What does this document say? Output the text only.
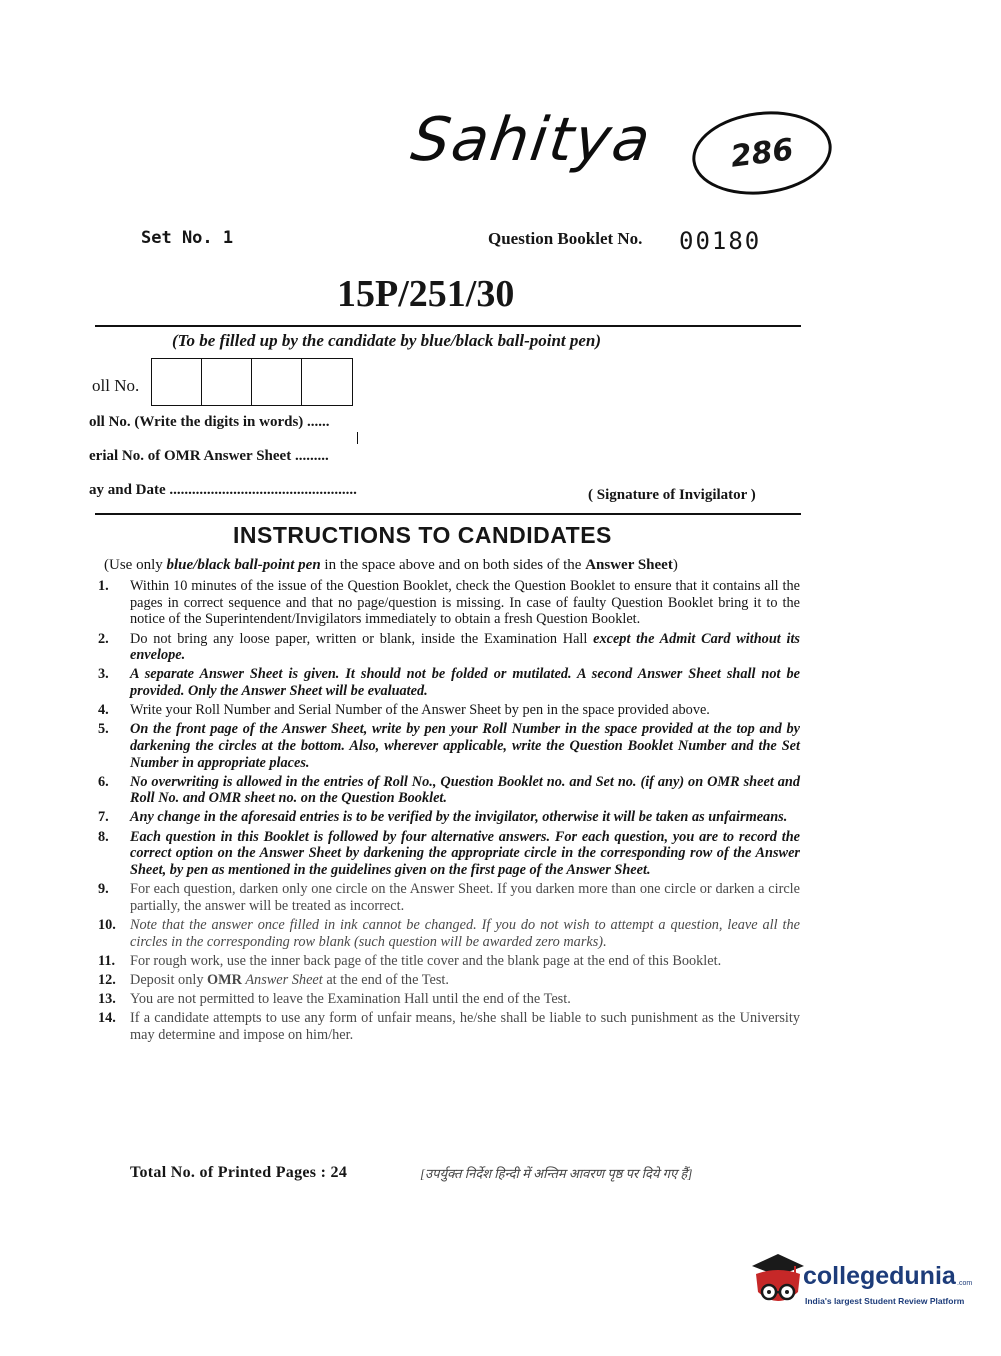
Sahitya 286
Set No. 1	Question Booklet No. 00180
15P/251/30
(To be filled up by the candidate by blue/black ball-point pen)
oll No.
oll No. (Write the digits in words) ......
erial No. of OMR Answer Sheet .........
ay and Date ..................................................	( Signature of Invigilator )
INSTRUCTIONS TO CANDIDATES
(Use only blue/black ball-point pen in the space above and on both sides of the Answer Sheet)
1.	Within 10 minutes of the issue of the Question Booklet, check the Question Booklet to ensure that it contains all the pages in correct sequence and that no page/question is missing. In case of faulty Question Booklet bring it to the notice of the Superintendent/Invigilators immediately to obtain a fresh Question Booklet.
2.	Do not bring any loose paper, written or blank, inside the Examination Hall except the Admit Card without its envelope.
3.	A separate Answer Sheet is given. It should not be folded or mutilated. A second Answer Sheet shall not be provided. Only the Answer Sheet will be evaluated.
4.	Write your Roll Number and Serial Number of the Answer Sheet by pen in the space provided above.
5.	On the front page of the Answer Sheet, write by pen your Roll Number in the space provided at the top and by darkening the circles at the bottom. Also, wherever applicable, write the Question Booklet Number and the Set Number in appropriate places.
6.	No overwriting is allowed in the entries of Roll No., Question Booklet no. and Set no. (if any) on OMR sheet and Roll No. and OMR sheet no. on the Question Booklet.
7.	Any change in the aforesaid entries is to be verified by the invigilator, otherwise it will be taken as unfairmeans.
8.	Each question in this Booklet is followed by four alternative answers. For each question, you are to record the correct option on the Answer Sheet by darkening the appropriate circle in the corresponding row of the Answer Sheet, by pen as mentioned in the guidelines given on the first page of the Answer Sheet.
9.	For each question, darken only one circle on the Answer Sheet. If you darken more than one circle or darken a circle partially, the answer will be treated as incorrect.
10. Note that the answer once filled in ink cannot be changed. If you do not wish to attempt a question, leave all the circles in the corresponding row blank (such question will be awarded zero marks).
11.	For rough work, use the inner back page of the title cover and the blank page at the end of this Booklet.
12. Deposit only OMR Answer Sheet at the end of the Test.
13. You are not permitted to leave the Examination Hall until the end of the Test.
14. If a candidate attempts to use any form of unfair means, he/she shall be liable to such punishment as the University may determine and impose on him/her.
Total No. of Printed Pages : 24	[उपर्युक्त निर्देश हिन्दी में अन्तिम आवरण पृष्ठ पर दिये गए हैं]
collegedunia .com
India's largest Student Review Platform
